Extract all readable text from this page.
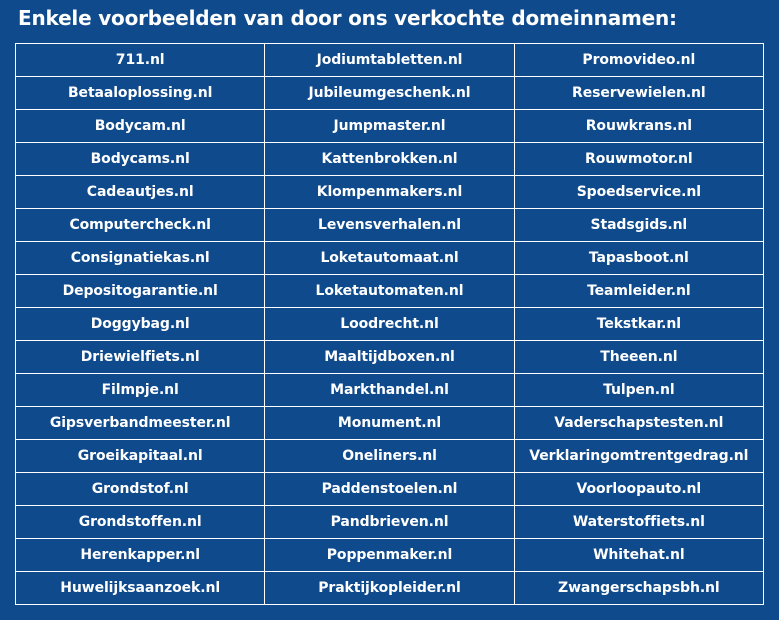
Enkele voorbeelden van door ons verkochte domeinnamen:
711.nl	Jodiumtabletten.nl	Promovideo.nl
Betaaloplossing.nl	Jubileumgeschenk.nl	Reservewielen.nl
Bodycam.nl	Jumpmaster.nl	Rouwkrans.nl
Bodycams.nl	Kattenbrokken.nl	Rouwmotor.nl
Cadeautjes.nl	Klompenmakers.nl	Spoedservice.nl
Computercheck.nl	Levensverhalen.nl	Stadsgids.nl
Consignatiekas.nl	Loketautomaat.nl	Tapasboot.nl
Depositogarantie.nl	Loketautomaten.nl	Teamleider.nl
Doggybag.nl	Loodrecht.nl	Tekstkar.nl
Driewielfiets.nl	Maaltijdboxen.nl	Theeen.nl
Filmpje.nl	Markthandel.nl	Tulpen.nl
Gipsverbandmeester.nl	Monument.nl	Vaderschapstesten.nl
Groeikapitaal.nl	Oneliners.nl	Verklaringomtrentgedrag.nl
Grondstof.nl	Paddenstoelen.nl	Voorloopauto.nl
Grondstoffen.nl	Pandbrieven.nl	Waterstoffiets.nl
Herenkapper.nl	Poppenmaker.nl	Whitehat.nl
Huwelijksaanzoek.nl	Praktijkopleider.nl	Zwangerschapsbh.nl
